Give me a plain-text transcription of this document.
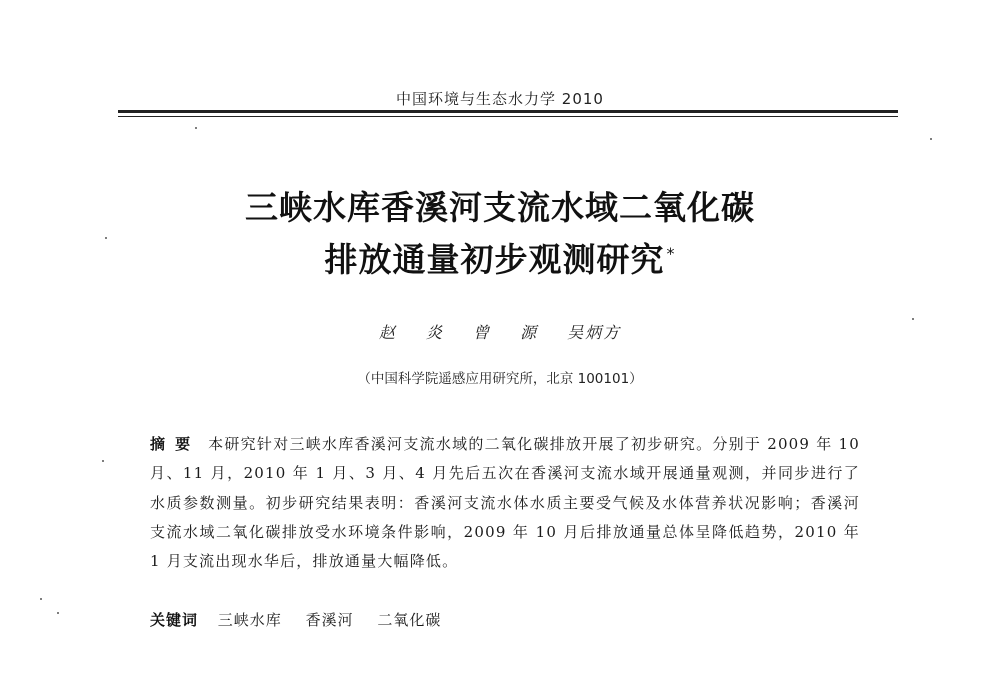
中国环境与生态水力学 2010
三峡水库香溪河支流水域二氧化碳
排放通量初步观测研究 *
赵 炎 曾 源 吴炳方
（中国科学院遥感应用研究所，北京 100101）
摘要 本研究针对三峡水库香溪河支流水域的二氧化碳排放开展了初步研究。分别于 2009 年 10 月、11 月，2010 年 1 月、3 月、4 月先后五次在香溪河支流水域开展通量观测，并同步进行了水质参数测量。初步研究结果表明：香溪河支流水体水质主要受气候及水体营养状况影响；香溪河支流水域二氧化碳排放受水环境条件影响，2009 年 10 月后排放通量总体呈降低趋势，2010 年 1 月支流出现水华后，排放通量大幅降低。
关键词 三峡水库 香溪河 二氧化碳
